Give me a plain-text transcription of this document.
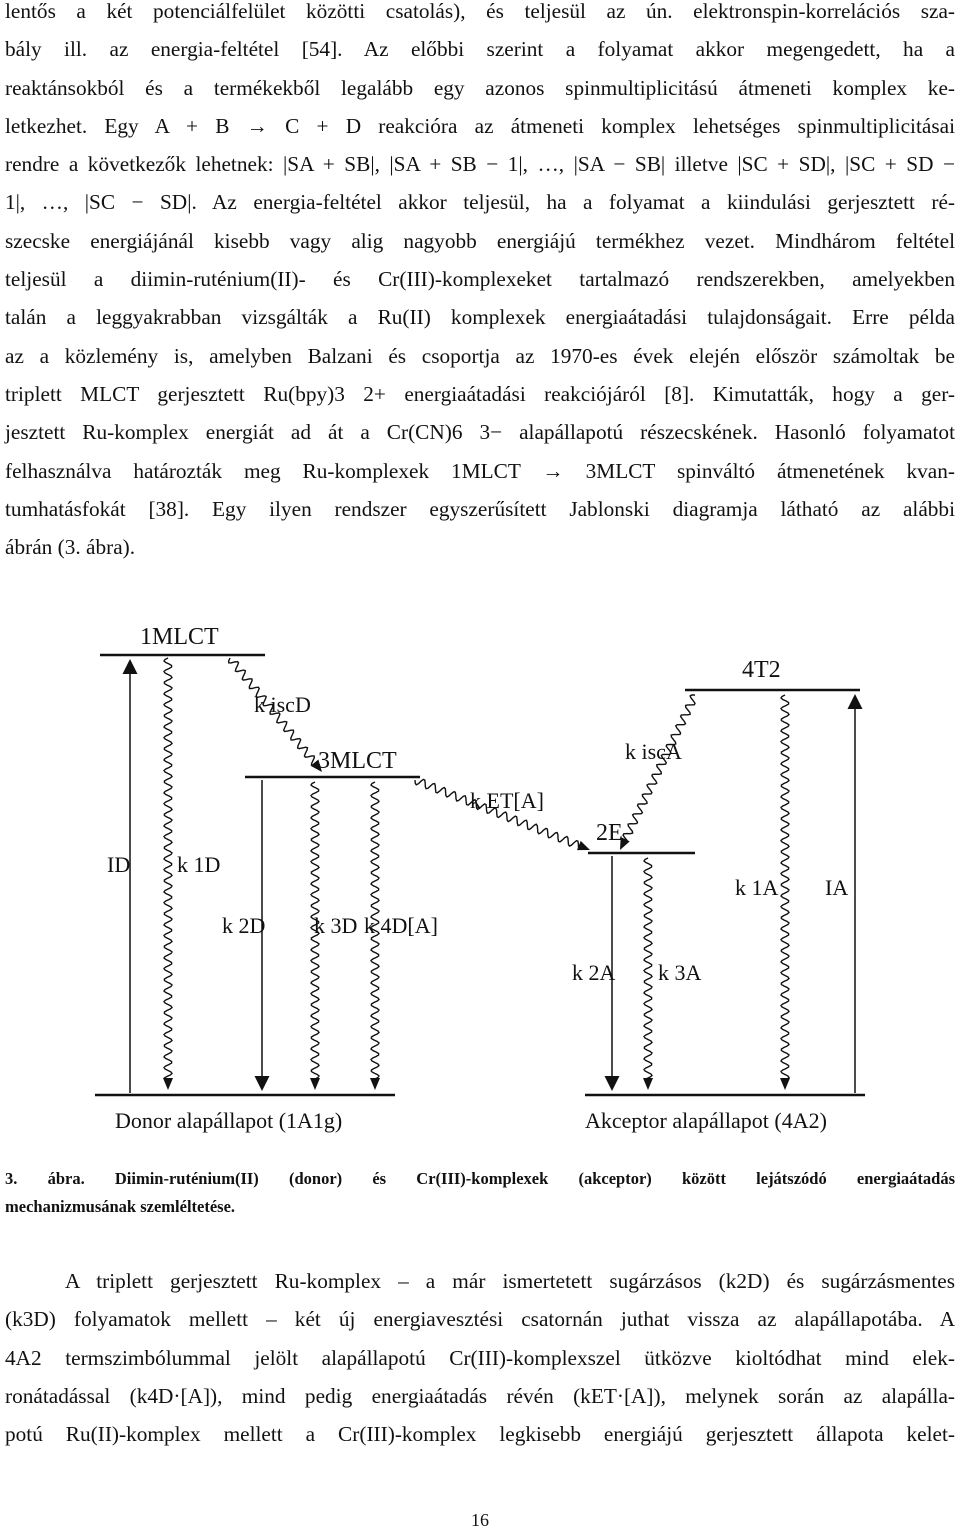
lentős a két potenciálfelület közötti csatolás), és teljesül az ún. elektronspin-korrelációs sza-
bály ill. az energia-feltétel [54]. Az előbbi szerint a folyamat akkor megengedett, ha a
reaktánsokból és a termékekből legalább egy azonos spinmultiplicitású átmeneti komplex ke-
letkezhet. Egy A + B → C + D reakcióra az átmeneti komplex lehetséges spinmultiplicitásai
rendre a következők lehetnek: |SA + SB|, |SA + SB − 1|, …, |SA − SB| illetve |SC + SD|, |SC + SD −
1|, …, |SC − SD|. Az energia-feltétel akkor teljesül, ha a folyamat a kiindulási gerjesztett ré-
szecske energiájánál kisebb vagy alig nagyobb energiájú termékhez vezet. Mindhárom feltétel
teljesül a diimin-ruténium(II)- és Cr(III)-komplexeket tartalmazó rendszerekben, amelyekben
talán a leggyakrabban vizsgálták a Ru(II) komplexek energiaátadási tulajdonságait. Erre példa
az a közlemény is, amelyben Balzani és csoportja az 1970-es évek elején először számoltak be
triplett MLCT gerjesztett Ru(bpy)3 2+ energiaátadási reakciójáról [8]. Kimutatták, hogy a ger-
jesztett Ru-komplex energiát ad át a Cr(CN)6 3− alapállapotú részecskének. Hasonló folyamatot
felhasználva határozták meg Ru-komplexek 1MLCT → 3MLCT spinváltó átmenetének kvan-
tumhatásfokát [38]. Egy ilyen rendszer egyszerűsített Jablonski diagramja látható az alábbi
ábrán (3. ábra).
1MLCT
4T2
3MLCT
2E
k iscD
k iscA
k ET[A]
ID k 1D
k 2D k 3D k 4D[A]
k 1A IA
k 2A k 3A
Donor alapállapot (1A1g)	Akceptor alapállapot (4A2)
3. ábra. Diimin-ruténium(II) (donor) és Cr(III)-komplexek (akceptor) között lejátszódó energiaátadás
mechanizmusának szemléltetése.
A triplett gerjesztett Ru-komplex – a már ismertetett sugárzásos (k2D) és sugárzásmentes
(k3D) folyamatok mellett – két új energiavesztési csatornán juthat vissza az alapállapotába. A
4A2 termszimbólummal jelölt alapállapotú Cr(III)-komplexszel ütközve kioltódhat mind elek-
ronátadással (k4D·[A]), mind pedig energiaátadás révén (kET·[A]), melynek során az alapálla-
potú Ru(II)-komplex mellett a Cr(III)-komplex legkisebb energiájú gerjesztett állapota kelet-
16
